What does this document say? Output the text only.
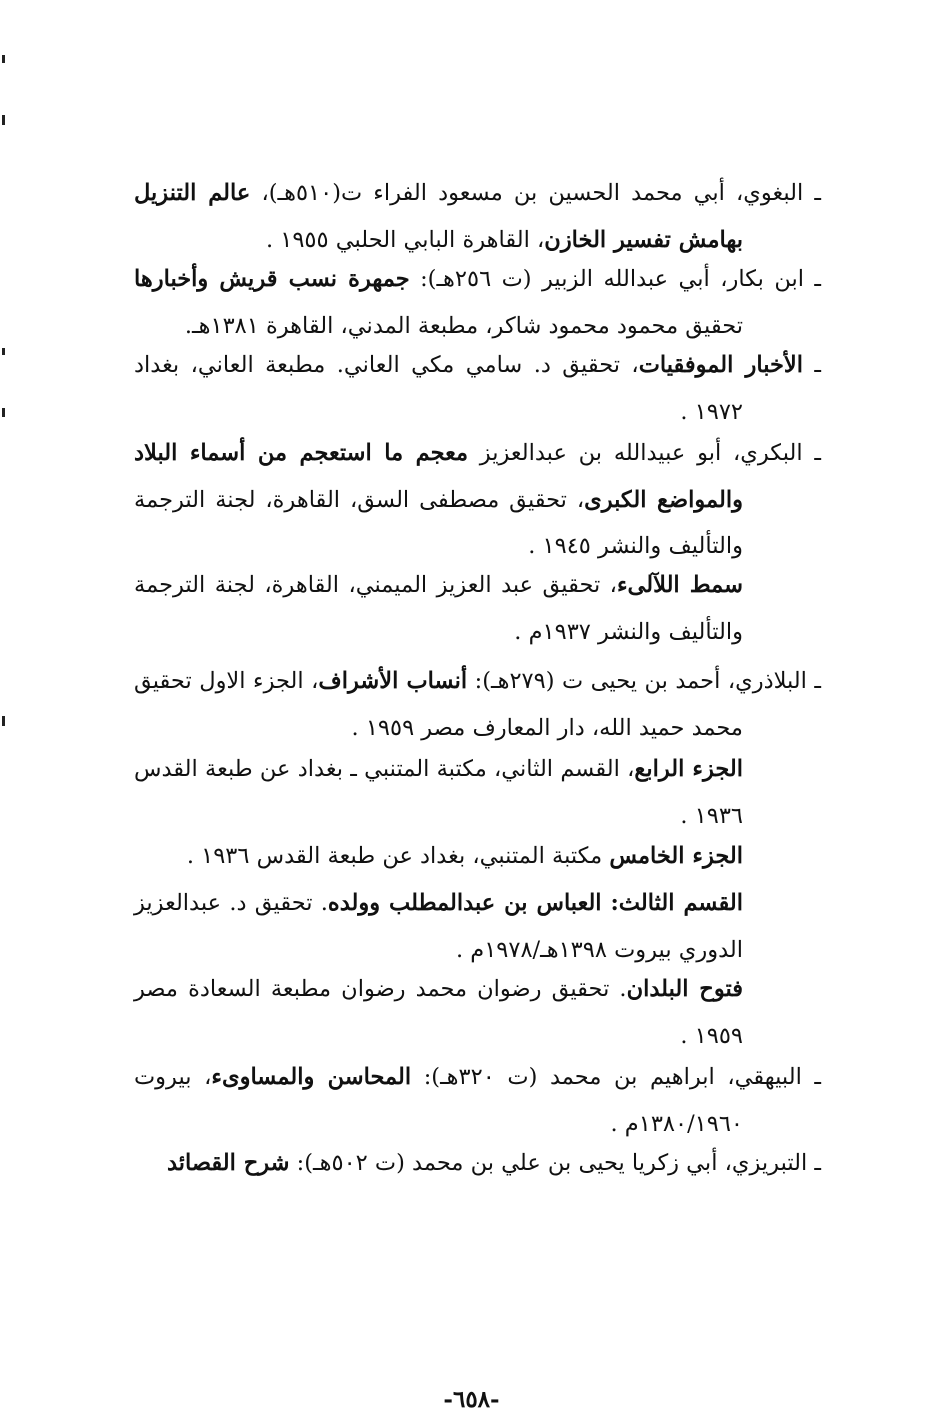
ـ البغوي، أبي محمد الحسين بن مسعود الفراء ت(٥١٠هـ)، عالم التنزيل بهامش تفسير الخازن، القاهرة البابي الحلبي ١٩٥٥ .

ـ ابن بكار، أبي عبدالله الزبير (ت ٢٥٦هـ): جمهرة نسب قريش وأخبارها تحقيق محمود محمود شاكر، مطبعة المدني، القاهرة ١٣٨١هـ.

ـ الأخبار الموفقيات، تحقيق د. سامي مكي العاني. مطبعة العاني، بغداد ١٩٧٢ .

ـ البكري، أبو عبيدالله بن عبدالعزيز معجم ما استعجم من أسماء البلاد والمواضع الكبرى، تحقيق مصطفى السق، القاهرة، لجنة الترجمة والتأليف والنشر ١٩٤٥ .

سمط اللآلىء، تحقيق عبد العزيز الميمني، القاهرة، لجنة الترجمة والتأليف والنشر ١٩٣٧م .

ـ البلاذري، أحمد بن يحيى ت (٢٧٩هـ): أنساب الأشراف، الجزء الاول تحقيق محمد حميد الله، دار المعارف مصر ١٩٥٩ .

الجزء الرابع، القسم الثاني، مكتبة المتنبي ـ بغداد عن طبعة القدس ١٩٣٦ .

الجزء الخامس مكتبة المتنبي، بغداد عن طبعة القدس ١٩٣٦ .

القسم الثالث: العباس بن عبدالمطلب وولده. تحقيق د. عبدالعزيز الدوري بيروت ١٣٩٨هـ/١٩٧٨م .

فتوح البلدان. تحقيق رضوان محمد رضوان مطبعة السعادة مصر ١٩٥٩ .

ـ البيهقي، ابراهيم بن محمد (ت ٣٢٠هـ): المحاسن والمساوىء، بيروت ١٣٨٠/١٩٦٠م .

ـ التبريزي، أبي زكريا يحيى بن علي بن محمد (ت ٥٠٢هـ): شرح القصائد

-٦٥٨-
